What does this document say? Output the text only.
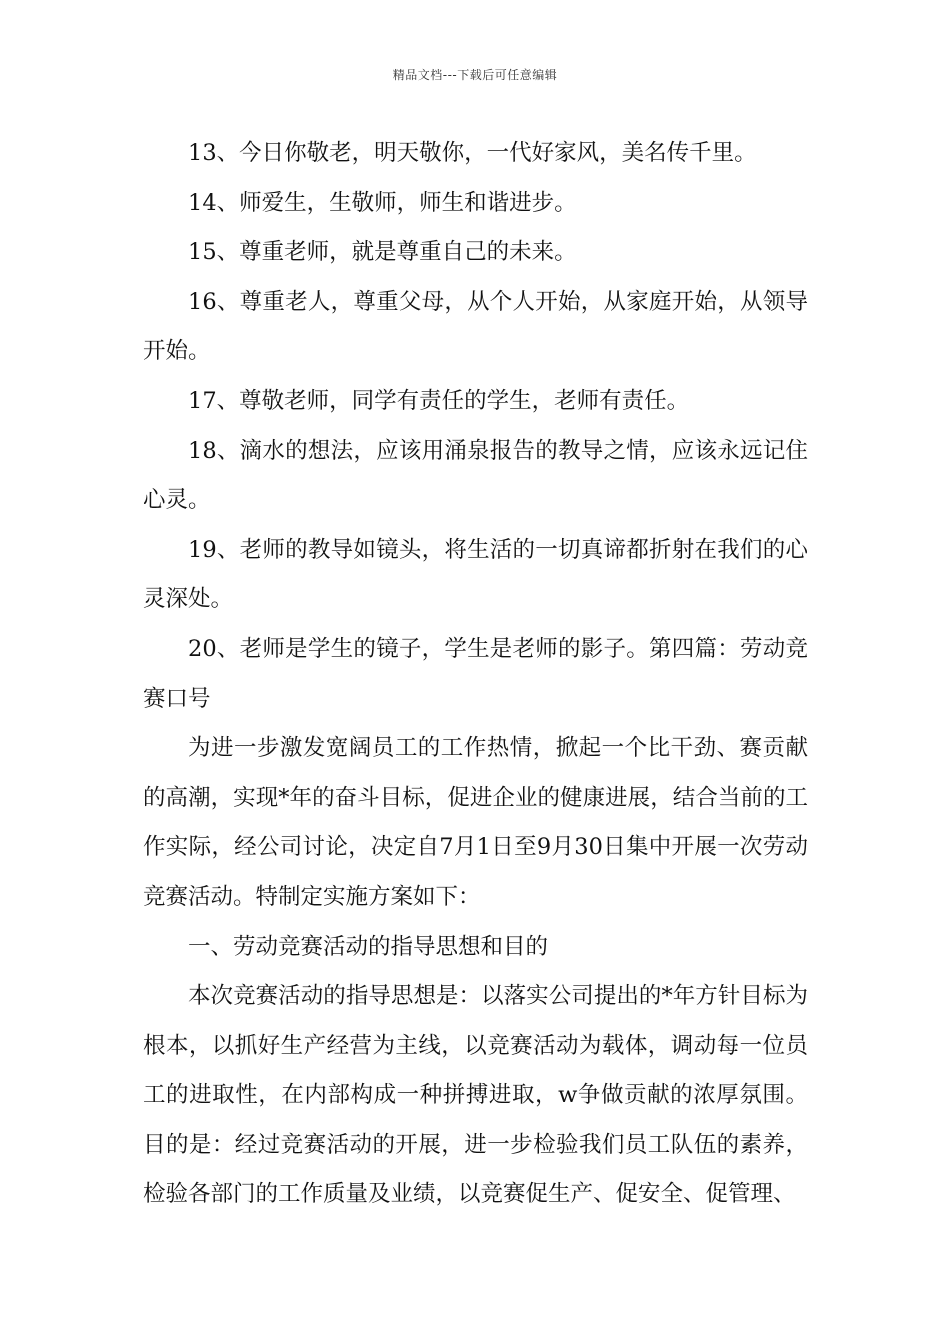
精品文档---下载后可任意编辑

13、今日你敬老，明天敬你，一代好家风，美名传千里。

14、师爱生，生敬师，师生和谐进步。

15、尊重老师，就是尊重自己的未来。

16、尊重老人，尊重父母，从个人开始，从家庭开始，从领导开始。

17、尊敬老师，同学有责任的学生，老师有责任。

18、滴水的想法，应该用涌泉报告的教导之情，应该永远记住心灵。

19、老师的教导如镜头，将生活的一切真谛都折射在我们的心灵深处。

20、老师是学生的镜子，学生是老师的影子。第四篇：劳动竞赛口号

为进一步激发宽阔员工的工作热情，掀起一个比干劲、赛贡献的高潮，实现*年的奋斗目标，促进企业的健康进展，结合当前的工作实际，经公司讨论，决定自7月1日至9月30日集中开展一次劳动竞赛活动。特制定实施方案如下：

一、劳动竞赛活动的指导思想和目的

本次竞赛活动的指导思想是：以落实公司提出的*年方针目标为根本，以抓好生产经营为主线，以竞赛活动为载体，调动每一位员工的进取性，在内部构成一种拼搏进取，w争做贡献的浓厚氛围。目的是：经过竞赛活动的开展，进一步检验我们员工队伍的素养，检验各部门的工作质量及业绩，以竞赛促生产、促安全、促管理、
